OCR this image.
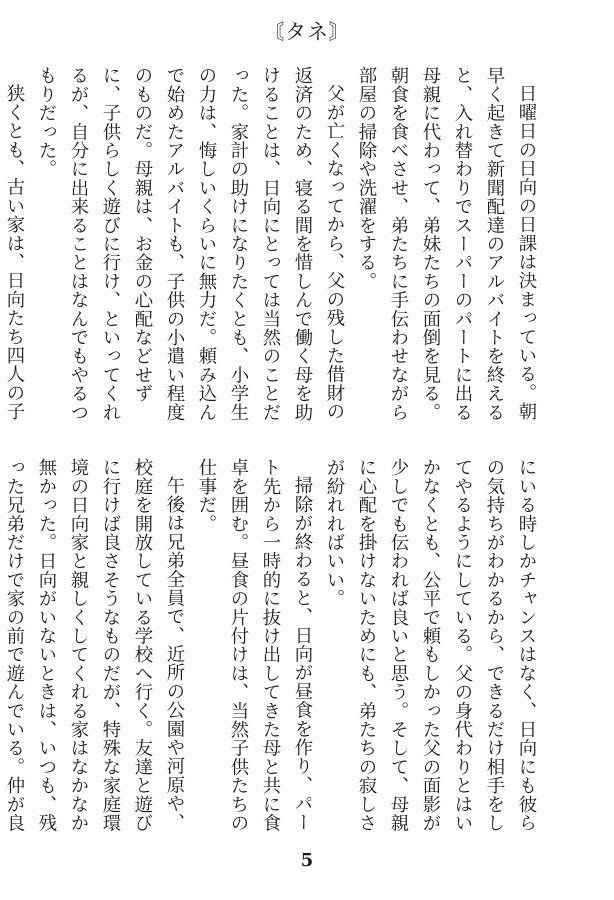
〘タネ〙

日曜日の日向の日課は決まっている。朝早く起きて新聞配達のアルバイトを終えると、入れ替わりでスーパーのパートに出る母親に代わって、弟妹たちの面倒を見る。朝食を食べさせ、弟たちに手伝わせながら部屋の掃除や洗濯をする。

父が亡くなってから、父の残した借財の返済のため、寝る間を惜しんで働く母を助けることは、日向にとっては当然のことだった。家計の助けになりたくとも、小学生の力は、悔しいくらいに無力だ。頼み込んで始めたアルバイトも、子供の小遣い程度のものだ。母親は、お金の心配などせずに、子供らしく遊びに行け、といってくれるが、自分に出来ることはなんでもやるつもりだった。

狭くとも、古い家は、日向たち四人の子

にいる時しかチャンスはなく、日向にも彼らの気持ちがわかるから、できるだけ相手をしてやるようにしている。父の身代わりとはいかなくとも、公平で頼もしかった父の面影が少しでも伝われば良いと思う。そして、母親に心配を掛けないためにも、弟たちの寂しさが紛れればいい。

掃除が終わると、日向が昼食を作り、パート先から一時的に抜け出してきた母と共に食卓を囲む。昼食の片付けは、当然子供たちの仕事だ。

午後は兄弟全員で、近所の公園や河原や、校庭を開放している学校へ行く。友達と遊びに行けば良さそうなものだが、特殊な家庭環境の日向家と親しくしてくれる家はなかなか無かった。日向がいないときは、いつも、残った兄弟だけで家の前で遊んでいる。仲が良

5
